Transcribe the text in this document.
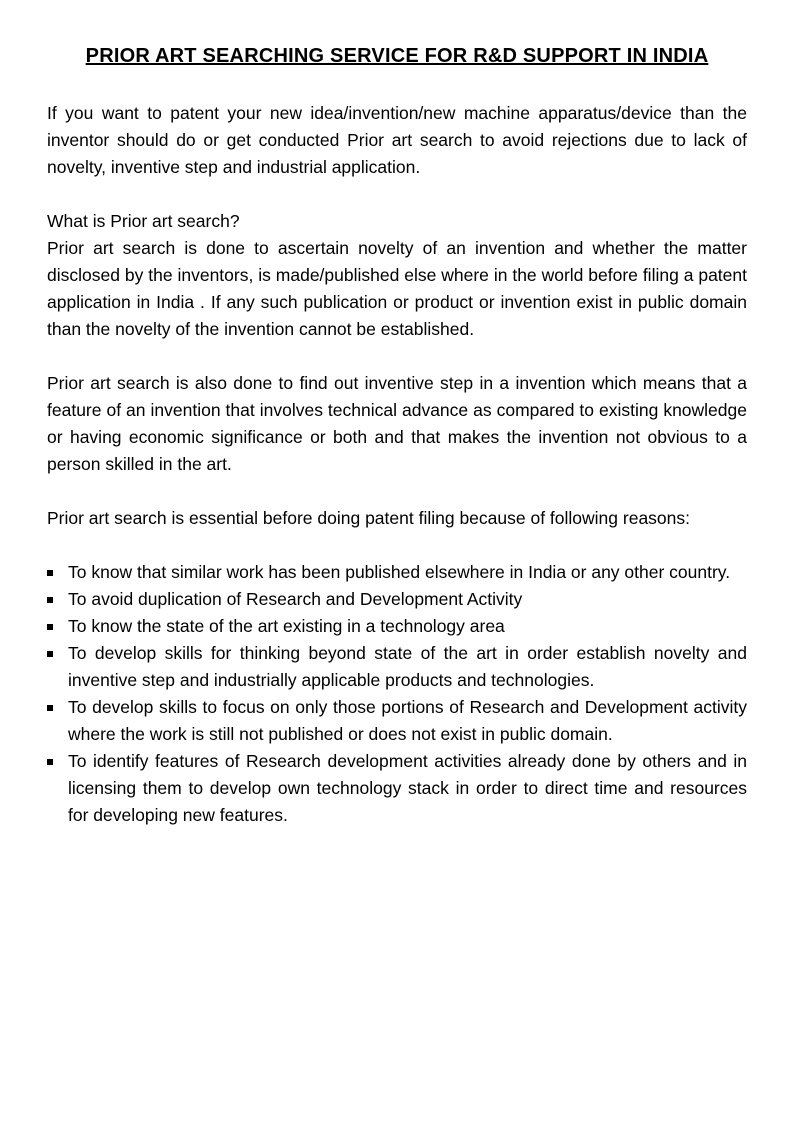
PRIOR ART SEARCHING SERVICE FOR R&D SUPPORT IN INDIA

If you want to patent your new idea/invention/new machine apparatus/device than the inventor should do or get conducted Prior art search to avoid rejections due to lack of novelty, inventive step and industrial application.

What is Prior art search?

Prior art search is done to ascertain novelty of an invention and whether the matter disclosed by the inventors, is made/published else where in the world before filing a patent application in India . If any such publication or product or invention exist in public domain than the novelty of the invention cannot be established.

Prior art search is also done to find out inventive step in a invention which means that a feature of an invention that involves technical advance as compared to existing knowledge or having economic significance or both and that makes the invention not obvious to a person skilled in the art.

Prior art search is essential before doing patent filing because of following reasons:

To know that similar work has been published elsewhere in India or any other country.
To avoid duplication of Research and Development Activity
To know the state of the art existing in a technology area
To develop skills for thinking beyond state of the art in order establish novelty and inventive step and industrially applicable products and technologies.
To develop skills to focus on only those portions of Research and Development activity where the work is still not published or does not exist in public domain.
To identify features of Research development activities already done by others and in licensing them to develop own technology stack in order to direct time and resources for developing new features.
